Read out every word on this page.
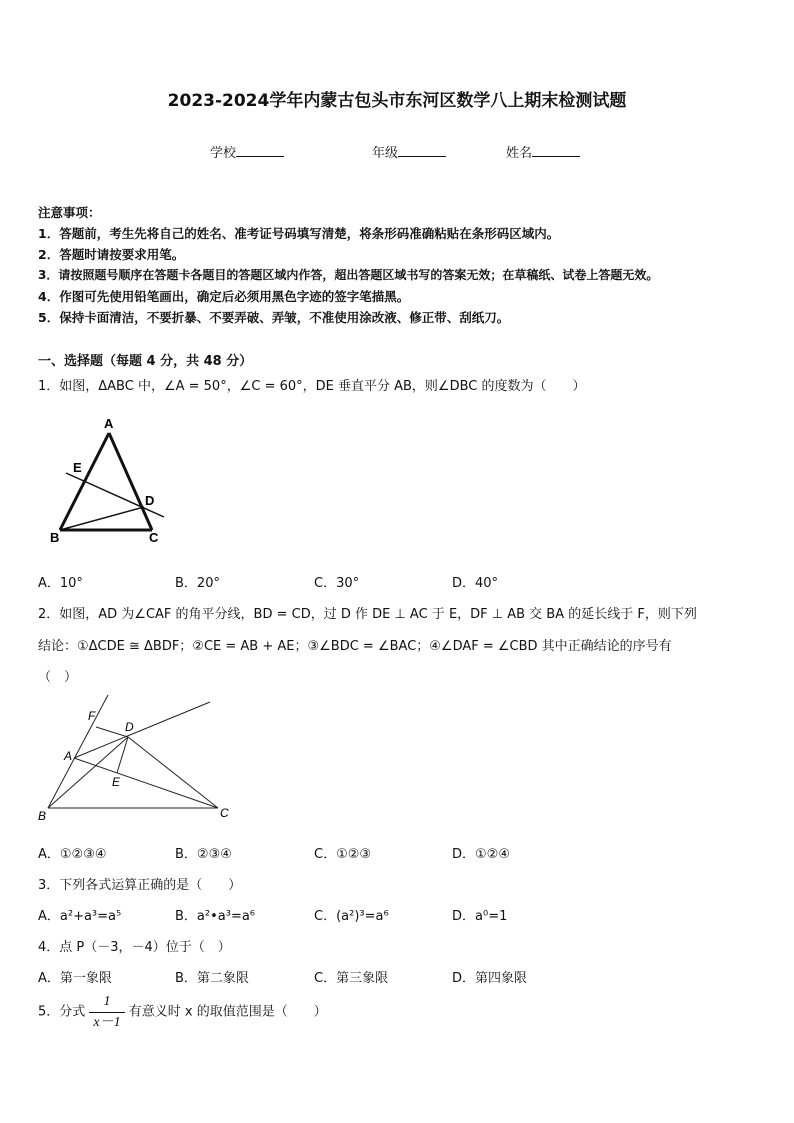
2023-2024学年内蒙古包头市东河区数学八上期末检测试题
学校	年级	姓名
注意事项：
1．答题前，考生先将自己的姓名、准考证号码填写清楚，将条形码准确粘贴在条形码区域内。
2．答题时请按要求用笔。
3．请按照题号顺序在答题卡各题目的答题区域内作答，超出答题区域书写的答案无效；在草稿纸、试卷上答题无效。
4．作图可先使用铅笔画出，确定后必须用黑色字迹的签字笔描黑。
5．保持卡面清洁，不要折暴、不要弄破、弄皱，不准使用涂改液、修正带、刮纸刀。
一、选择题（每题 4 分，共 48 分）
1．如图，ΔABC 中，∠A = 50°，∠C = 60°，DE 垂直平分 AB，则∠DBC 的度数为（　　）
A
E
D
B	C
A．10°	B．20°	C．30°	D．40°
2．如图，AD 为∠CAF 的角平分线，BD = CD，过 D 作 DE ⊥ AC 于 E，DF ⊥ AB 交 BA 的延长线于 F，则下列
结论：①ΔCDE ≅ ΔBDF；②CE = AB + AE；③∠BDC = ∠BAC；④∠DAF = ∠CBD 其中正确结论的序号有
（　）
F
D
A
E
B	C
A．①②③④	B．②③④	C．①②③	D．①②④
3．下列各式运算正确的是（　　）
A．a²+a³=a⁵	B．a²•a³=a⁶	C．(a²)³=a⁶	D．a⁰=1
4．点 P（－3，－4）位于（　）
A．第一象限	B．第二象限	C．第三象限	D．第四象限
5．分式 $\frac{1}{x-1}$ 有意义时 x 的取值范围是（　　）
